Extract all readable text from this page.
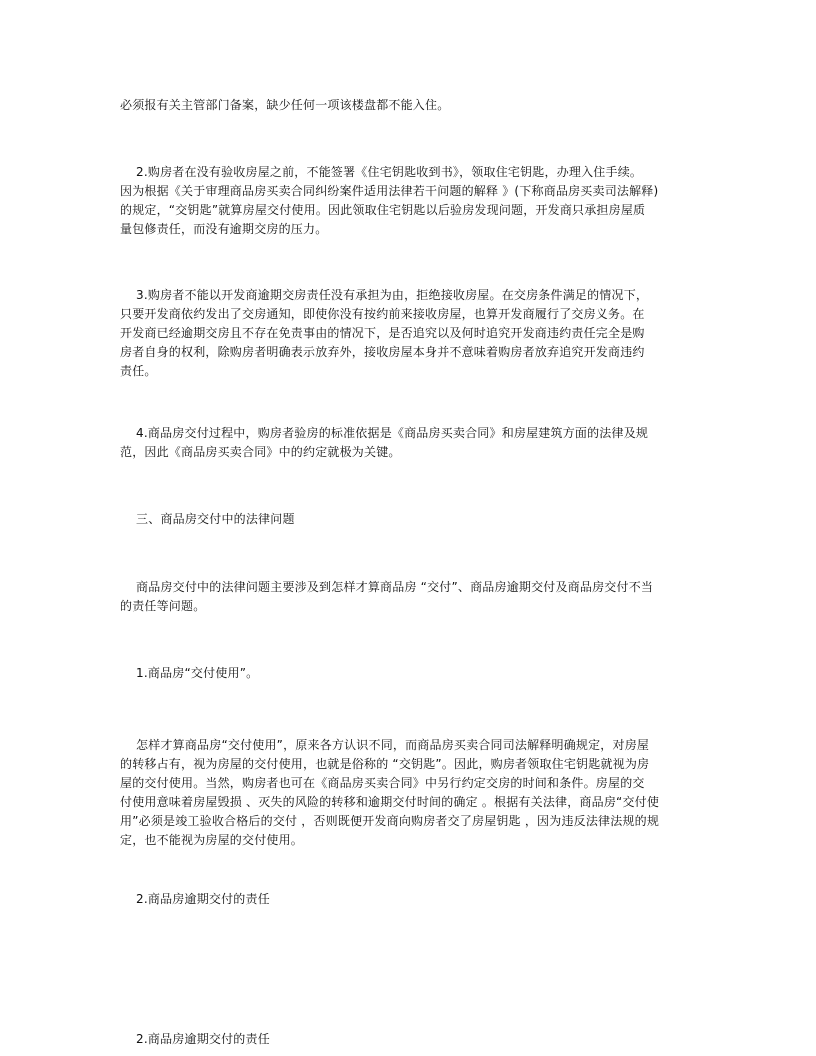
必须报有关主管部门备案，缺少任何一项该楼盘都不能入住。
2.购房者在没有验收房屋之前，不能签署《住宅钥匙收到书》，领取住宅钥匙，办理入住手续。
因为根据《关于审理商品房买卖合同纠纷案件适用法律若干问题的解释 》(下称商品房买卖司法解释)
的规定，“交钥匙”就算房屋交付使用。因此领取住宅钥匙以后验房发现问题，开发商只承担房屋质
量包修责任，而没有逾期交房的压力。
3.购房者不能以开发商逾期交房责任没有承担为由，拒绝接收房屋。在交房条件满足的情况下，
只要开发商依约发出了交房通知，即使你没有按约前来接收房屋，也算开发商履行了交房义务。在
开发商已经逾期交房且不存在免责事由的情况下，是否追究以及何时追究开发商违约责任完全是购
房者自身的权利，除购房者明确表示放弃外，接收房屋本身并不意味着购房者放弃追究开发商违约
责任。
4.商品房交付过程中，购房者验房的标准依据是《商品房买卖合同》和房屋建筑方面的法律及规
范，因此《商品房买卖合同》中的约定就极为关键。
三、商品房交付中的法律问题
商品房交付中的法律问题主要涉及到怎样才算商品房 “交付”、商品房逾期交付及商品房交付不当
的责任等问题。
1.商品房“交付使用”。
怎样才算商品房“交付使用”，原来各方认识不同，而商品房买卖合同司法解释明确规定，对房屋
的转移占有，视为房屋的交付使用，也就是俗称的 “交钥匙”。因此，购房者领取住宅钥匙就视为房
屋的交付使用。当然，购房者也可在《商品房买卖合同》中另行约定交房的时间和条件。房屋的交
付使用意味着房屋毁损 、灭失的风险的转移和逾期交付时间的确定 。根据有关法律，商品房“交付使
用”必须是竣工验收合格后的交付 ，否则既便开发商向购房者交了房屋钥匙 ，因为违反法律法规的规
定，也不能视为房屋的交付使用。
2.商品房逾期交付的责任
2.商品房逾期交付的责任
